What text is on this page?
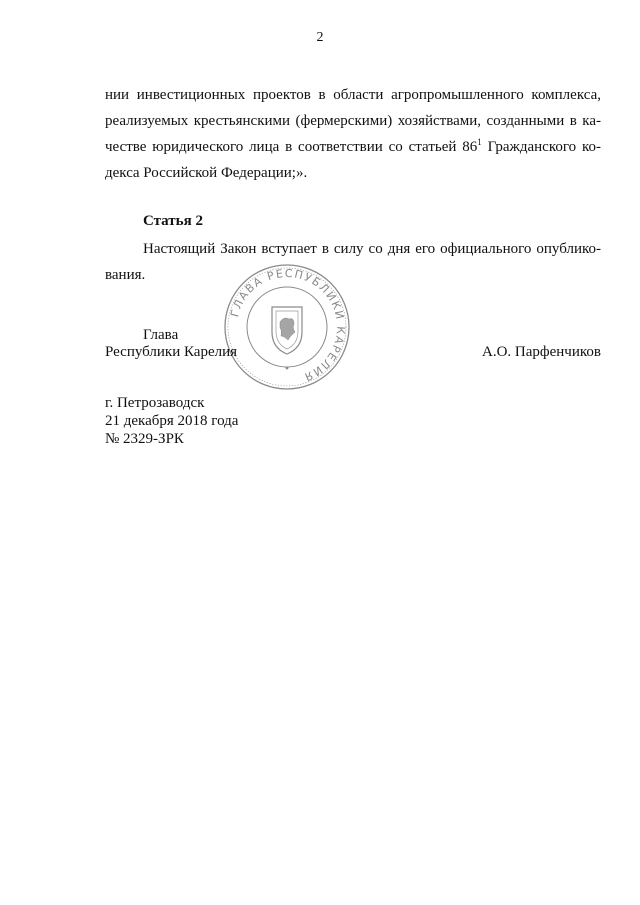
2
нии инвестиционных проектов в области агропромышленного комплекса,
реализуемых крестьянскими (фермерскими) хозяйствами, созданными в ка-
честве юридического лица в соответствии со статьей $86^1$ Гражданского ко-
дексa Российской Федерации;».
Статья 2
Настоящий Закон вступает в силу со дня его официального опублико-
вания.
ГЛАВА РЕСПУБЛИКИ КАРЕЛИЯ
Глава
Республики Карелия	А.О. Парфенчиков
г. Петрозаводск
21 декабря 2018 года
№ 2329-ЗРК
